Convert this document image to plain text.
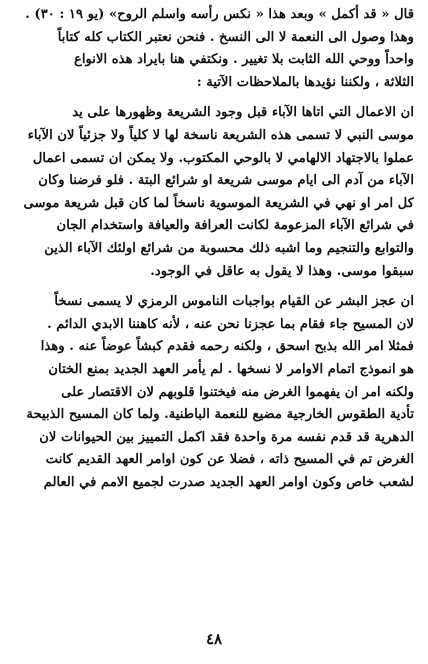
قال « قد أكمل » وبعد هذا « نكس رأسه واسلم الروح» (يو ١٩ : ٣٠) .
وهذا وصول الى النعمة لا الى النسخ . فنحن نعتبر الكتاب كله كتاباً
واحداً ووحي الله الثابت بلا تغيير . ونكتفي هنا بايراد هذه الانواع
الثلاثة ، ولكننا نؤيدها بالملاحظات الآتية :
ان الاعمال التي اتاها الآباء قبل وجود الشريعة وظهورها على يد
موسى النبي لا تسمى هذه الشريعة ناسخة لها لا كلياً ولا جزئياً لان الآباء
عملوا بالاجتهاد الالهامي لا بالوحي المكتوب. ولا يمكن ان تسمى اعمال
الآباء من آدم الى ايام موسى شريعة او شرائع البتة . فلو فرضنا وكان
كل امر او نهي في الشريعة الموسوية ناسخاً لما كان قبل شريعة موسى
في شرائع الآباء المزعومة لكانت العرافة والعيافة واستخدام الجان
والتوابع والتنجيم وما اشبه ذلك محسوبة من شرائع اولئك الآباء الذين
سبقوا موسى. وهذا لا يقول به عاقل في الوجود.
ان عجز البشر عن القيام بواجبات الناموس الرمزي لا يسمى نسخاً
لان المسيح جاء فقام بما عجزنا نحن عنه ، لأنه كاهننا الابدي الدائم .
فمثلا امر الله بذبح اسحق ، ولكنه رحمه فقدم كبشاً عوضاً عنه . وهذا
هو انموذج اتمام الاوامر لا نسخها . لم يأمر العهد الجديد بمنع الختان
ولكنه امر ان يفهموا الغرض منه فيختنوا قلوبهم لان الاقتصار على
تأدية الطقوس الخارجية مضيع للنعمة الباطنية. ولما كان المسيح الذبيحة
الدهرية قد قدم نفسه مرة واحدة فقد اكمل التمييز بين الحيوانات لان
الغرض تم في المسيح ذاته ، فضلا عن كون اوامر العهد القديم كانت
لشعب خاص وكون اوامر العهد الجديد صدرت لجميع الامم في العالم
٤٨
